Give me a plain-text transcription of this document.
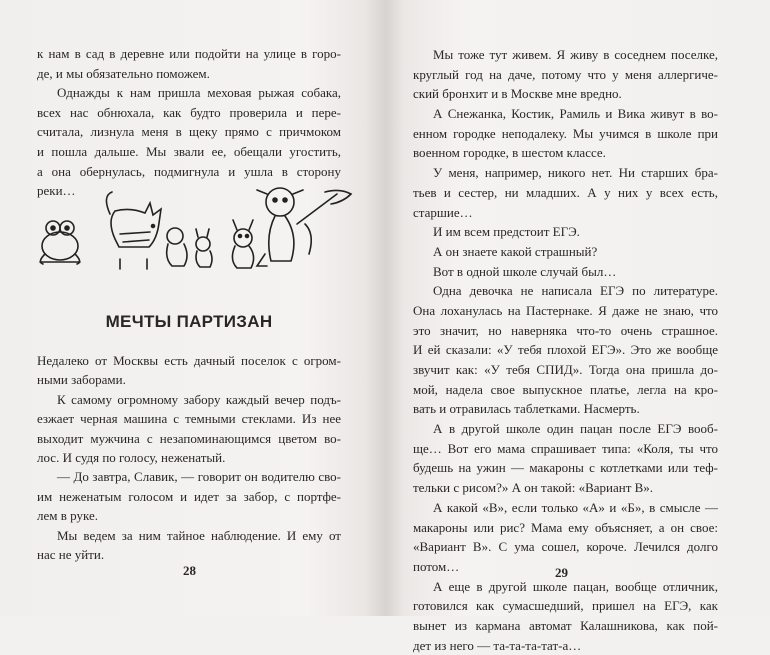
к нам в сад в деревне или подойти на улице в горо-
де, и мы обязательно поможем.
Однажды к нам пришла меховая рыжая собака,
всех нас обнюхала, как будто проверила и пере-
считала, лизнула меня в щеку прямо с причмоком
и пошла дальше. Мы звали ее, обещали угостить,
а она обернулась, подмигнула и ушла в сторону
реки…
МЕЧТЫ ПАРТИЗАН
Недалеко от Москвы есть дачный поселок с огром-
ными заборами.
К самому огромному забору каждый вечер подъ-
езжает черная машина с темными стеклами. Из нее
выходит мужчина с незапоминающимся цветом во-
лос. И судя по голосу, неженатый.
— До завтра, Славик, — говорит он водителю сво-
им неженатым голосом и идет за забор, с портфе-
лем в руке.
Мы ведем за ним тайное наблюдение. И ему от
нас не уйти.
28
Мы тоже тут живем. Я живу в соседнем поселке,
круглый год на даче, потому что у меня аллергиче-
ский бронхит и в Москве мне вредно.
А Снежанка, Костик, Рамиль и Вика живут в во-
енном городке неподалеку. Мы учимся в школе при
военном городке, в шестом классе.
У меня, например, никого нет. Ни старших бра-
тьев и сестер, ни младших. А у них у всех есть,
старшие…
И им всем предстоит ЕГЭ.
А он знаете какой страшный?
Вот в одной школе случай был…
Одна девочка не написала ЕГЭ по литературе.
Она лоханулась на Пастернаке. Я даже не знаю, что
это значит, но наверняка что-то очень страшное.
И ей сказали: «У тебя плохой ЕГЭ». Это же вообще
звучит как: «У тебя СПИД». Тогда она пришла до-
мой, надела свое выпускное платье, легла на кро-
вать и отравилась таблетками. Насмерть.
А в другой школе один пацан после ЕГЭ вооб-
ще… Вот его мама спрашивает типа: «Коля, ты что
будешь на ужин — макароны с котлетками или теф-
тельки с рисом?» А он такой: «Вариант В».
А какой «В», если только «А» и «Б», в смысле —
макароны или рис? Мама ему объясняет, а он свое:
«Вариант В». С ума сошел, короче. Лечился долго
потом…
А еще в другой школе пацан, вообще отличник,
готовился как сумасшедший, пришел на ЕГЭ, как
вынет из кармана автомат Калашникова, как пой-
дет из него — та-та-та-тат-а…
29
